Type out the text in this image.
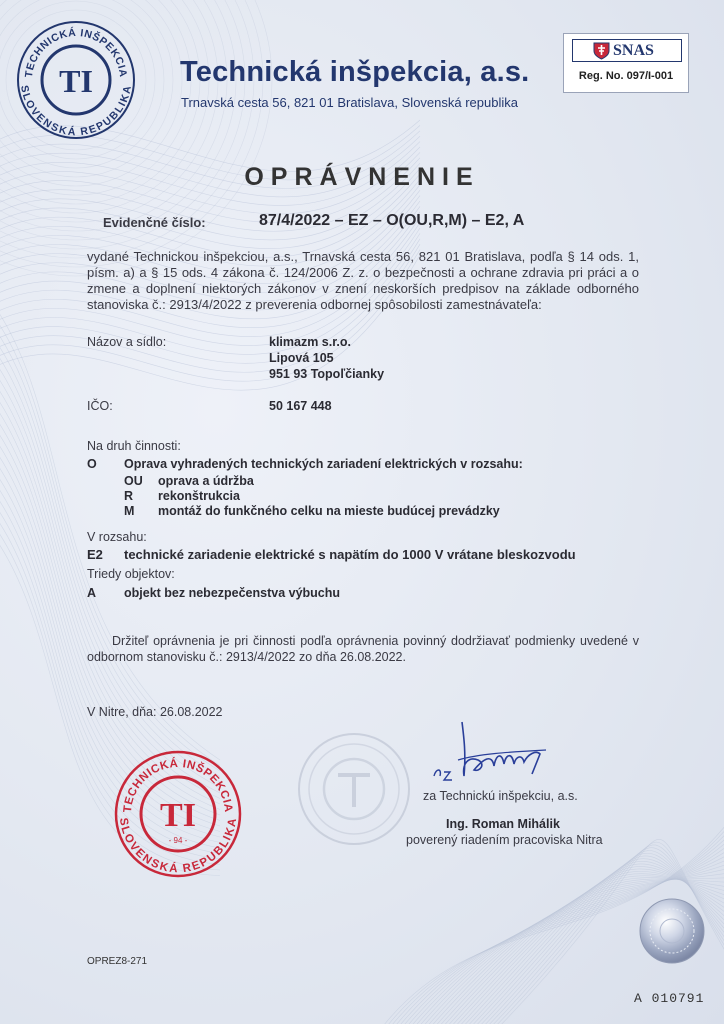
TECHNICKÁ INŠPEKCIA
SLOVENSKÁ REPUBLIKA
TI	Technická inšpekcia, a.s.
Trnavská cesta 56, 821 01 Bratislava, Slovenská republika
SNAS
Reg. No. 097/I-001
OPRÁVNENIE
Evidenčné číslo:	87/4/2022 – EZ – O(OU,R,M) – E2, A
vydané Technickou inšpekciou, a.s., Trnavská cesta 56, 821 01 Bratislava, podľa § 14 ods. 1, písm. a) a § 15 ods. 4 zákona č. 124/2006 Z. z. o bezpečnosti a ochrane zdravia pri práci a o zmene a doplnení niektorých zákonov v znení neskorších predpisov na základe odborného stanoviska č.: 2913/4/2022 z preverenia odbornej spôsobilosti zamestnávateľa:
Názov a sídlo:	klimazm s.r.o.
Lipová 105
951 93 Topoľčianky
IČO:	50 167 448
Na druh činnosti:
O Oprava vyhradených technických zariadení elektrických v rozsahu:
OU oprava a údržba
R rekonštrukcia
M montáž do funkčného celku na mieste budúcej prevádzky
V rozsahu:
E2 technické zariadenie elektrické s napätím do 1000 V vrátane bleskozvodu
Triedy objektov:
A objekt bez nebezpečenstva výbuchu
Držiteľ oprávnenia je pri činnosti podľa oprávnenia povinný dodržiavať podmienky uvedené v odbornom stanovisku č.: 2913/4/2022 zo dňa 26.08.2022.
V Nitre, dňa: 26.08.2022
TECHNICKÁ INŠPEKCIA
SLOVENSKÁ REPUBLIKA
TI
- 94 -
za Technickú inšpekciu, a.s.
Ing. Roman Mihálik
poverený riadením pracoviska Nitra
OPREZ8-271
A 010791
